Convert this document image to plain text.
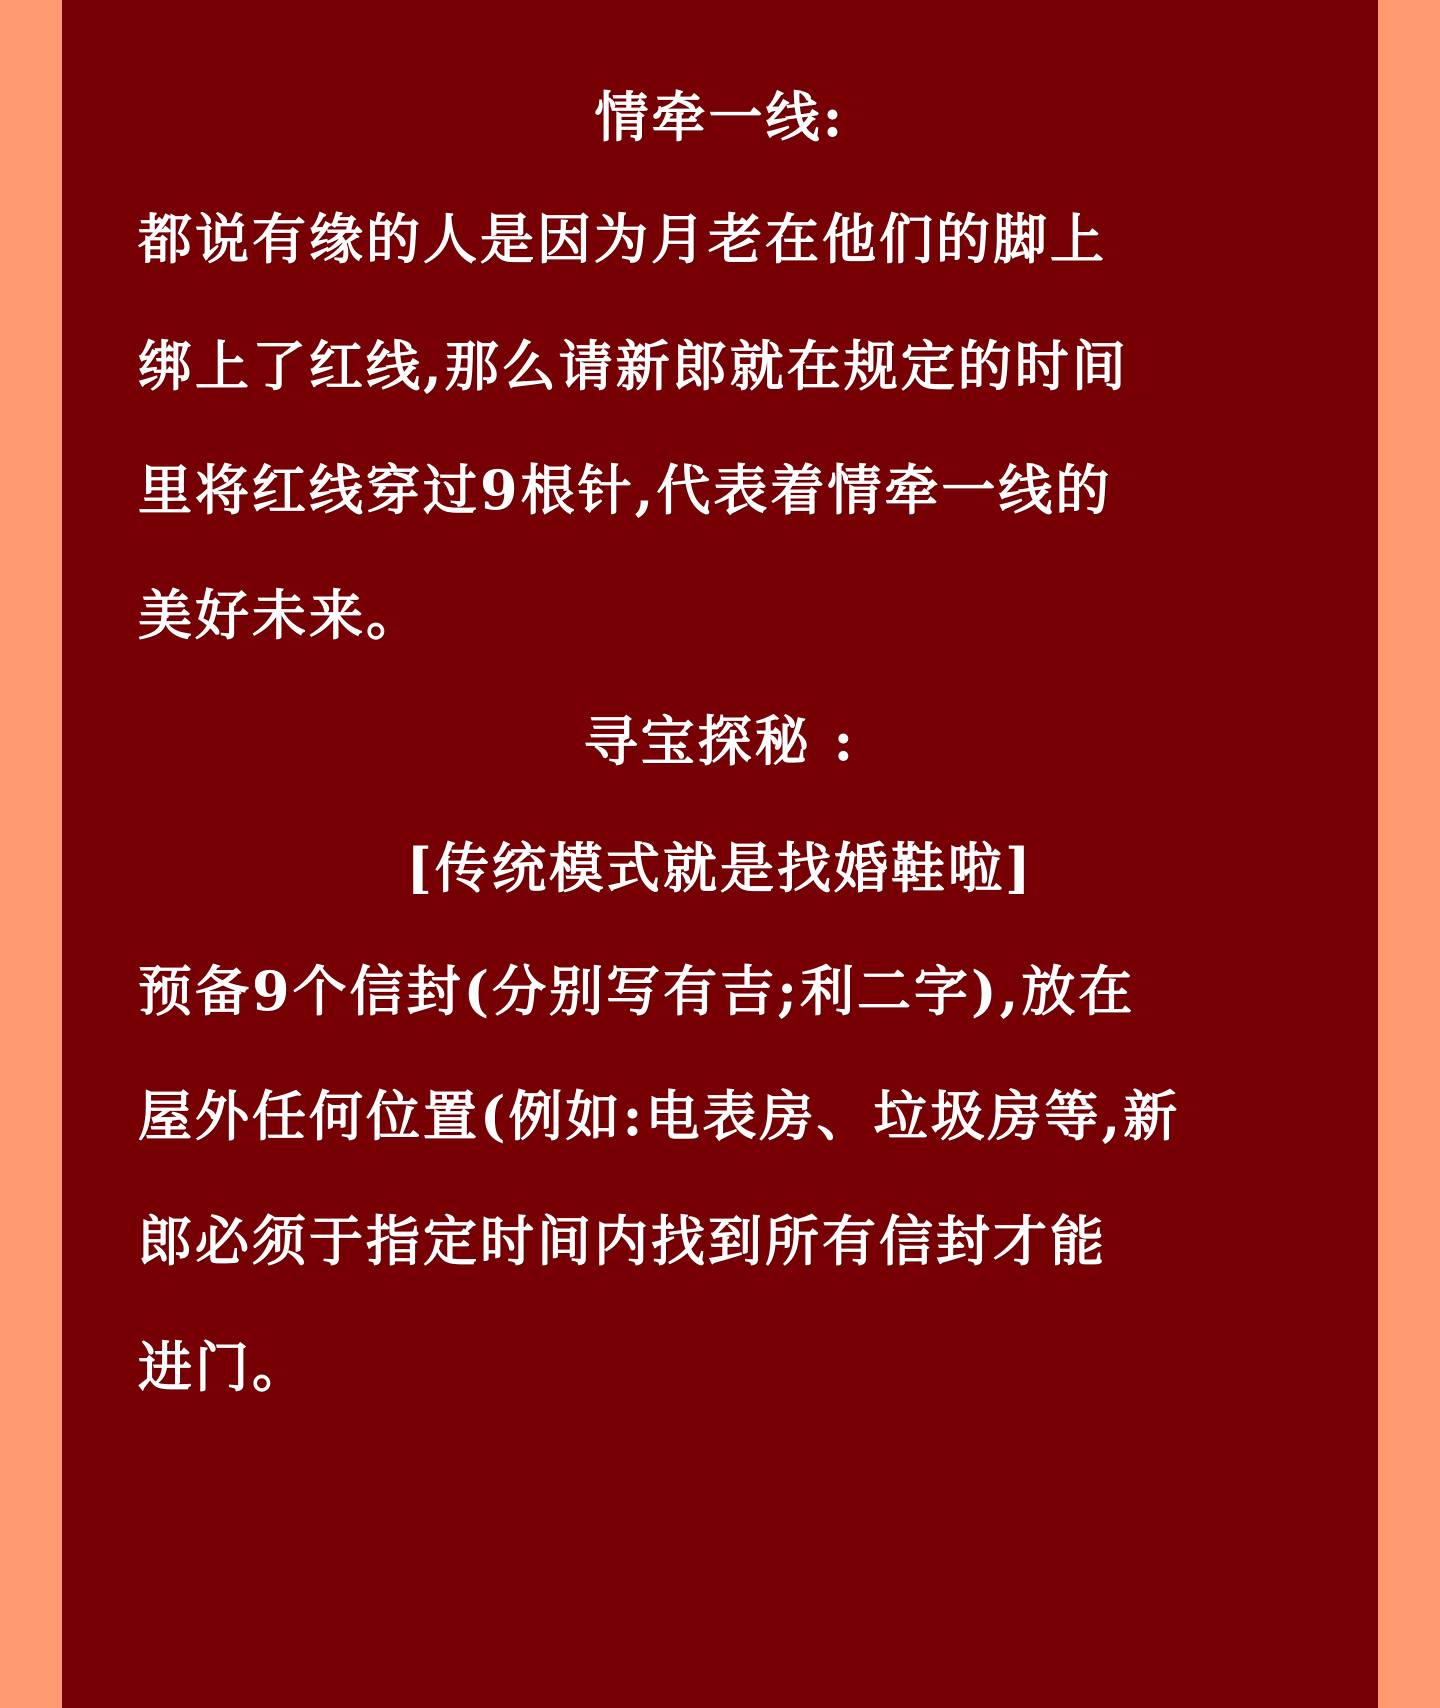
情牵一线:
都说有缘的人是因为月老在他们的脚上
绑上了红线,那么请新郎就在规定的时间
里将红线穿过9根针,代表着情牵一线的
美好未来。
寻宝探秘 :
[传统模式就是找婚鞋啦]
预备9个信封(分别写有吉;利二字),放在
屋外任何位置(例如:电表房、垃圾房等,新
郎必须于指定时间内找到所有信封才能
进门。
